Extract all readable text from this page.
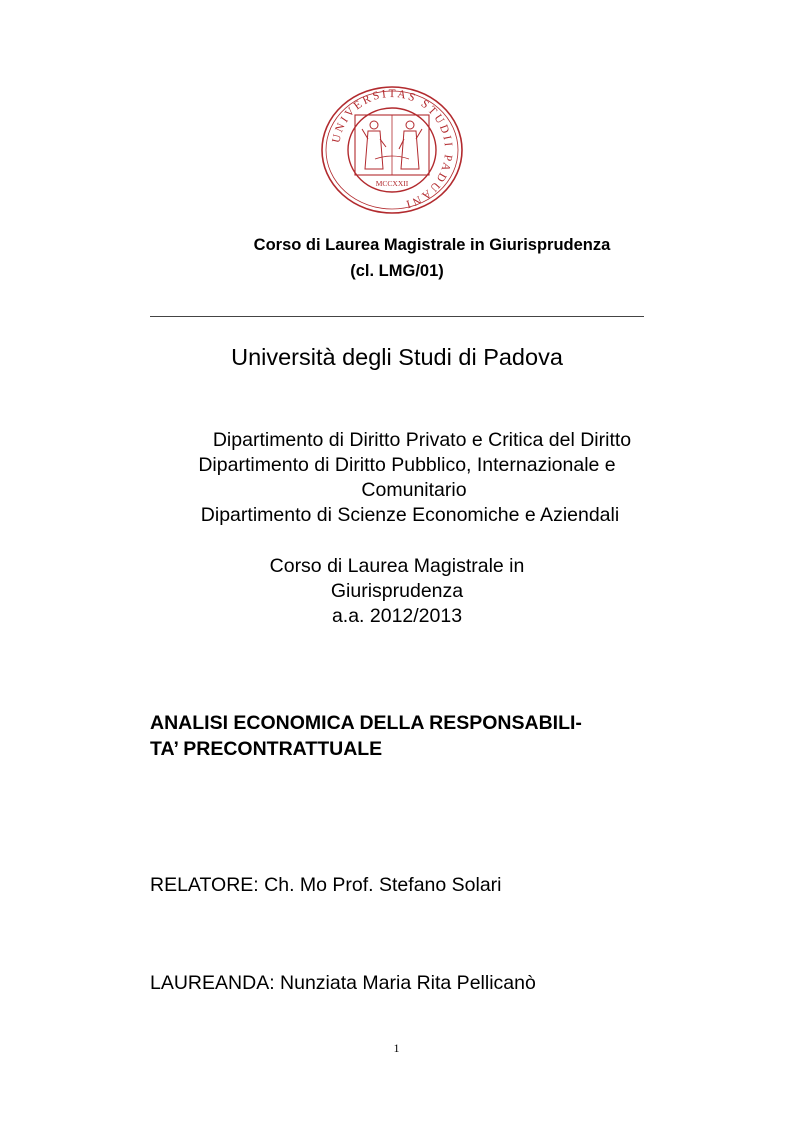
UNIVERSITAS STUDII PADUANI
MCCXXII
Corso di Laurea Magistrale in Giurisprudenza
(cl. LMG/01)
Università degli Studi di Padova
Dipartimento di Diritto Privato e Critica del Diritto
Dipartimento di Diritto Pubblico, Internazionale e
Comunitario
Dipartimento di Scienze Economiche e Aziendali
Corso di Laurea Magistrale in
Giurisprudenza
a.a. 2012/2013
ANALISI ECONOMICA DELLA RESPONSABILI-
TA’ PRECONTRATTUALE
RELATORE: Ch. Mo Prof. Stefano Solari
LAUREANDA: Nunziata Maria Rita Pellicanò
1
